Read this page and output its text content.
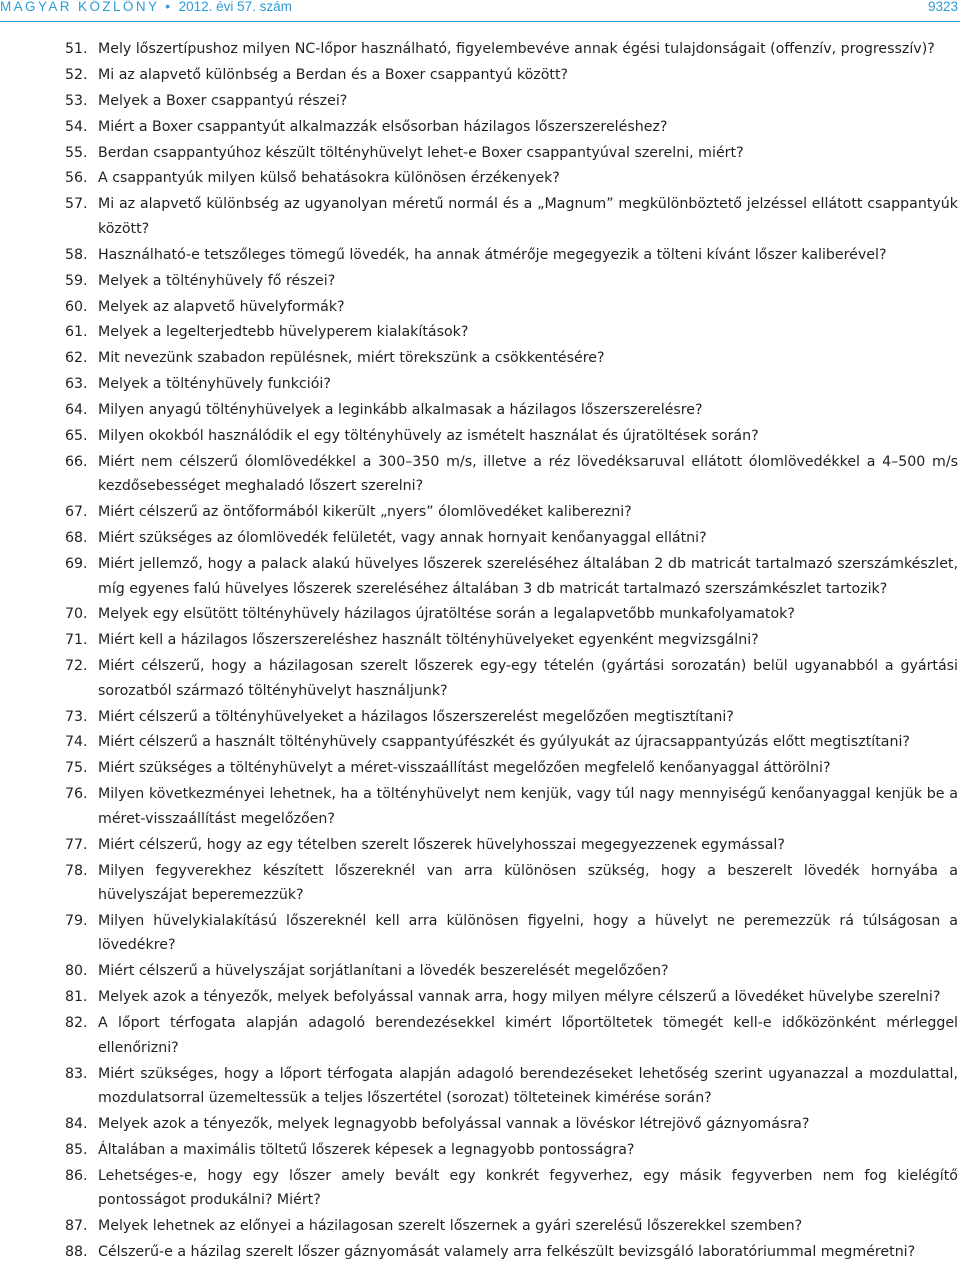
MAGYAR KÖZLÖNY • 2012. évi 57. szám	9323
51. Mely lőszertípushoz milyen NC-lőpor használható, figyelembevéve annak égési tulajdonságait (offenzív, progresszív)?
52. Mi az alapvető különbség a Berdan és a Boxer csappantyú között?
53. Melyek a Boxer csappantyú részei?
54. Miért a Boxer csappantyút alkalmazzák elsősorban házilagos lőszerszereléshez?
55. Berdan csappantyúhoz készült töltényhüvelyt lehet-e Boxer csappantyúval szerelni, miért?
56. A csappantyúk milyen külső behatásokra különösen érzékenyek?
57. Mi az alapvető különbség az ugyanolyan méretű normál és a „Magnum” megkülönböztető jelzéssel ellátott csappantyúk között?
58. Használható-e tetszőleges tömegű lövedék, ha annak átmérője megegyezik a tölteni kívánt lőszer kaliberével?
59. Melyek a töltényhüvely fő részei?
60. Melyek az alapvető hüvelyformák?
61. Melyek a legelterjedtebb hüvelyperem kialakítások?
62. Mit nevezünk szabadon repülésnek, miért törekszünk a csökkentésére?
63. Melyek a töltényhüvely funkciói?
64. Milyen anyagú töltényhüvelyek a leginkább alkalmasak a házilagos lőszerszerelésre?
65. Milyen okokból használódik el egy töltényhüvely az ismételt használat és újratöltések során?
66. Miért nem célszerű ólomlövedékkel a 300–350 m/s, illetve a réz lövedéksaruval ellátott ólomlövedékkel a 4–500 m/s kezdősebességet meghaladó lőszert szerelni?
67. Miért célszerű az öntőformából kikerült „nyers” ólomlövedéket kaliberezni?
68. Miért szükséges az ólomlövedék felületét, vagy annak hornyait kenőanyaggal ellátni?
69. Miért jellemző, hogy a palack alakú hüvelyes lőszerek szereléséhez általában 2 db matricát tartalmazó szerszámkészlet, míg egyenes falú hüvelyes lőszerek szereléséhez általában 3 db matricát tartalmazó szerszámkészlet tartozik?
70. Melyek egy elsütött töltényhüvely házilagos újratöltése során a legalapvetőbb munkafolyamatok?
71. Miért kell a házilagos lőszerszereléshez használt töltényhüvelyeket egyenként megvizsgálni?
72. Miért célszerű, hogy a házilagosan szerelt lőszerek egy-egy tételén (gyártási sorozatán) belül ugyanabból a gyártási sorozatból származó töltényhüvelyt használjunk?
73. Miért célszerű a töltényhüvelyeket a házilagos lőszerszerelést megelőzően megtisztítani?
74. Miért célszerű a használt töltényhüvely csappantyúfészkét és gyúlyukát az újracsappantyúzás előtt megtisztítani?
75. Miért szükséges a töltényhüvelyt a méret-visszaállítást megelőzően megfelelő kenőanyaggal áttörölni?
76. Milyen következményei lehetnek, ha a töltényhüvelyt nem kenjük, vagy túl nagy mennyiségű kenőanyaggal kenjük be a méret-visszaállítást megelőzően?
77. Miért célszerű, hogy az egy tételben szerelt lőszerek hüvelyhosszai megegyezzenek egymással?
78. Milyen fegyverekhez készített lőszereknél van arra különösen szükség, hogy a beszerelt lövedék hornyába a hüvelyszájat beperemezzük?
79. Milyen hüvelykialakítású lőszereknél kell arra különösen figyelni, hogy a hüvelyt ne peremezzük rá túlságosan a lövedékre?
80. Miért célszerű a hüvelyszájat sorjátlanítani a lövedék beszerelését megelőzően?
81. Melyek azok a tényezők, melyek befolyással vannak arra, hogy milyen mélyre célszerű a lövedéket hüvelybe szerelni?
82. A lőport térfogata alapján adagoló berendezésekkel kimért lőportöltetek tömegét kell-e időközönként mérleggel ellenőrizni?
83. Miért szükséges, hogy a lőport térfogata alapján adagoló berendezéseket lehetőség szerint ugyanazzal a mozdulattal, mozdulatsorral üzemeltessük a teljes lőszertétel (sorozat) tölteteinek kimérése során?
84. Melyek azok a tényezők, melyek legnagyobb befolyással vannak a lövéskor létrejövő gáznyomásra?
85. Általában a maximális töltetű lőszerek képesek a legnagyobb pontosságra?
86. Lehetséges-e, hogy egy lőszer amely bevált egy konkrét fegyverhez, egy másik fegyverben nem fog kielégítő pontosságot produkálni? Miért?
87. Melyek lehetnek az előnyei a házilagosan szerelt lőszernek a gyári szerelésű lőszerekkel szemben?
88. Célszerű-e a házilag szerelt lőszer gáznyomását valamely arra felkészült bevizsgáló laboratóriummal megméretni?
